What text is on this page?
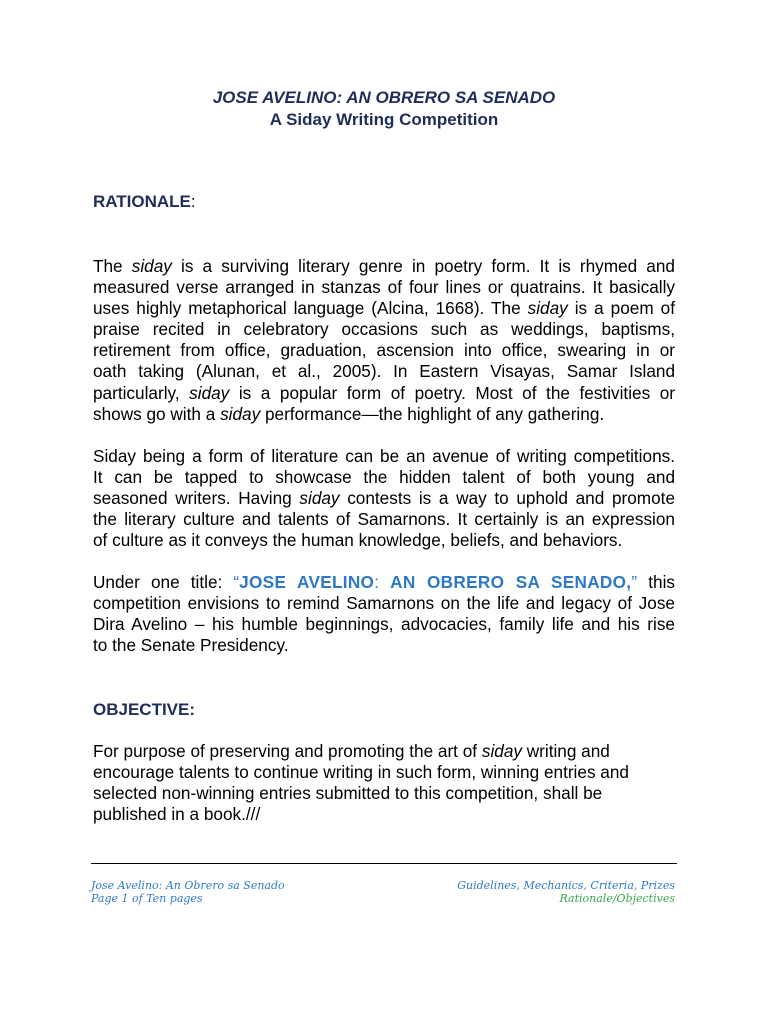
JOSE AVELINO: AN OBRERO SA SENADO
A Siday Writing Competition
RATIONALE:
The siday is a surviving literary genre in poetry form. It is rhymed and
measured verse arranged in stanzas of four lines or quatrains. It basically
uses highly metaphorical language (Alcina, 1668). The siday is a poem of
praise recited in celebratory occasions such as weddings, baptisms,
retirement from office, graduation, ascension into office, swearing in or
oath taking (Alunan, et al., 2005). In Eastern Visayas, Samar Island
particularly, siday is a popular form of poetry. Most of the festivities or
shows go with a siday performance—the highlight of any gathering.
Siday being a form of literature can be an avenue of writing competitions.
It can be tapped to showcase the hidden talent of both young and
seasoned writers. Having siday contests is a way to uphold and promote
the literary culture and talents of Samarnons. It certainly is an expression
of culture as it conveys the human knowledge, beliefs, and behaviors.
Under one title: “JOSE AVELINO: AN OBRERO SA SENADO,” this
competition envisions to remind Samarnons on the life and legacy of Jose
Dira Avelino – his humble beginnings, advocacies, family life and his rise
to the Senate Presidency.
OBJECTIVE:
For purpose of preserving and promoting the art of siday writing and
encourage talents to continue writing in such form, winning entries and
selected non-winning entries submitted to this competition, shall be
published in a book.///
Jose Avelino: An Obrero sa Senado
Page 1 of Ten pages
Guidelines, Mechanics, Criteria, Prizes
Rationale/Objectives
